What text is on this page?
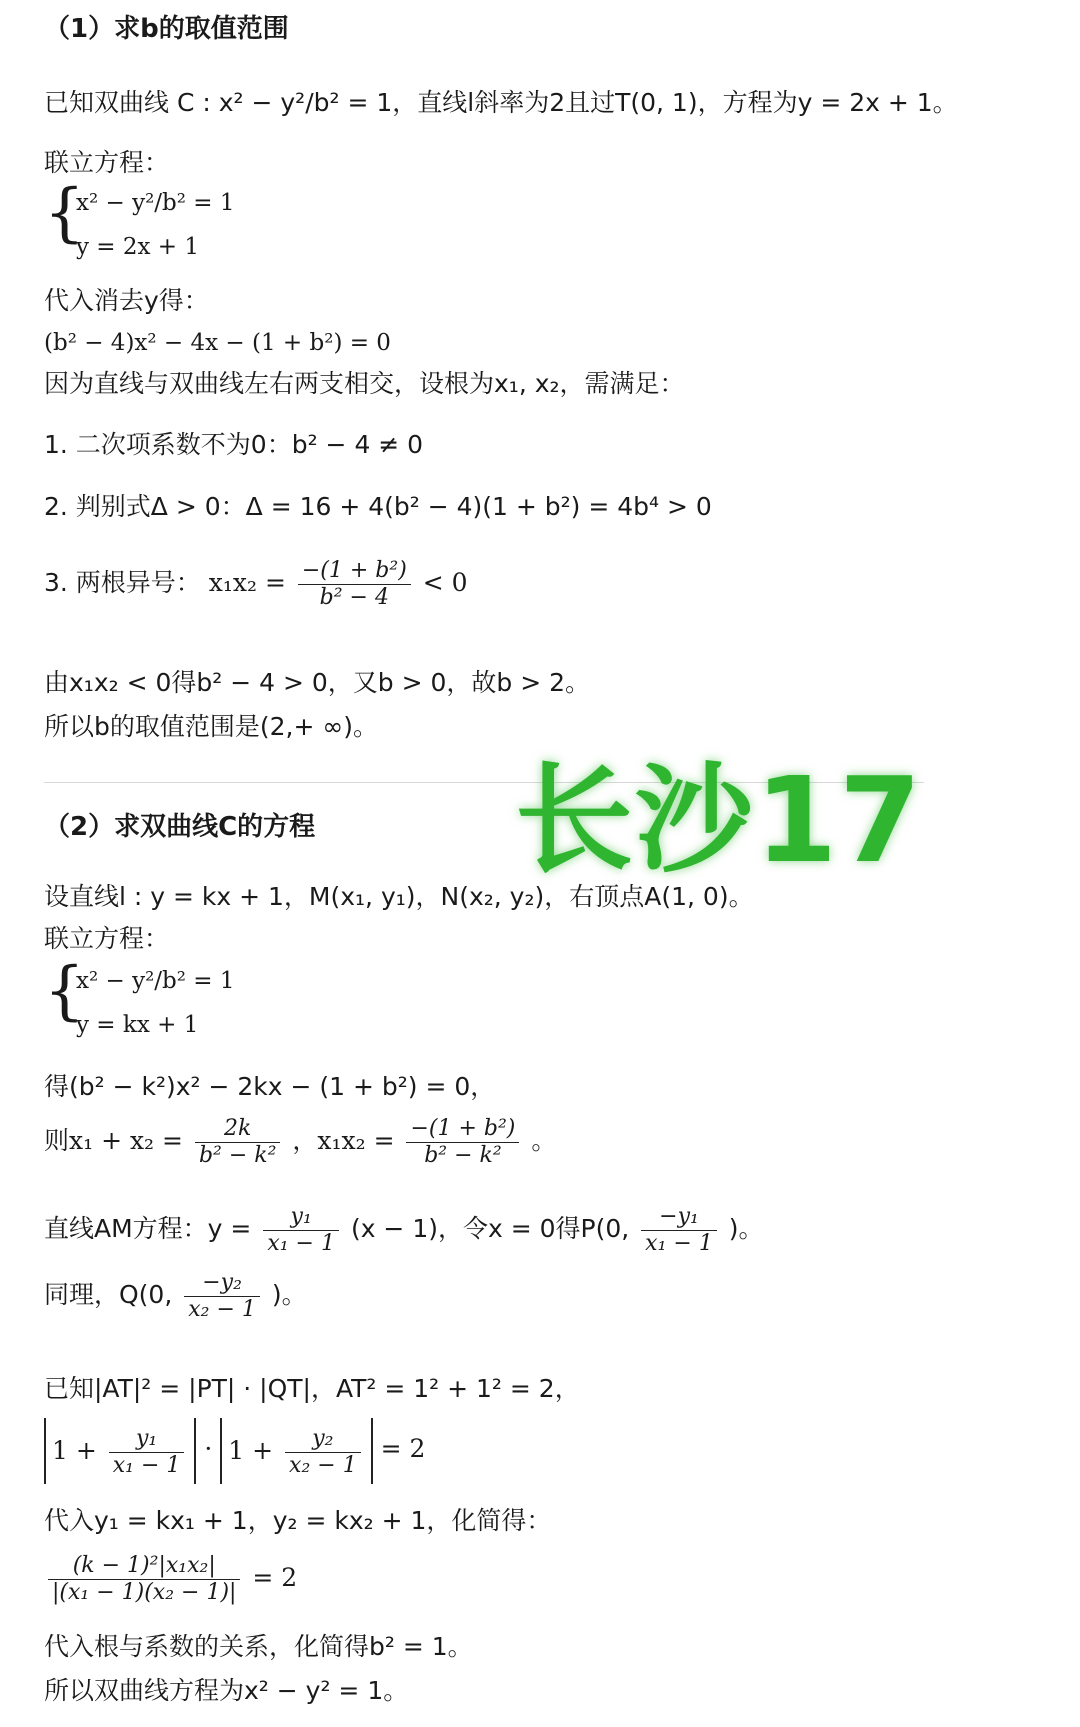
（1）求b的取值范围
已知双曲线 C : x² − y²/b² = 1，直线l斜率为2且过T(0, 1)，方程为y = 2x + 1。
联立方程：
{
x² − y²/b² = 1
y = 2x + 1
代入消去y得：
(b² − 4)x² − 4x − (1 + b²) = 0
因为直线与双曲线左右两支相交，设根为x₁, x₂，需满足：
1. 二次项系数不为0：b² − 4 ≠ 0
2. 判别式Δ > 0：Δ = 16 + 4(b² − 4)(1 + b²) = 4b⁴ > 0
3. 两根异号： $x_1x_2 = \frac{\text{−(1 + b²)}}{\text{b² − 4}} < 0$
由x₁x₂ < 0得b² − 4 > 0，又b > 0，故b > 2。
所以b的取值范围是(2,+ ∞)。
长沙17
（2）求双曲线C的方程
设直线l : y = kx + 1，M(x₁, y₁)，N(x₂, y₂)，右顶点A(1, 0)。
联立方程：
{
x² − y²/b² = 1
y = kx + 1
得(b² − k²)x² − 2kx − (1 + b²) = 0，
则$x_1 + x_2 = \frac{2k}{\text{b² − k²}}$ ，$x_1x_2 = \frac{\text{−(1 + b²)}}{\text{b² − k²}}$ 。
直线AM方程：$y = \frac{\text{y₁}}{\text{x₁ − 1}} (x - 1)$，令x = 0得P(0, $\frac{\text{−y₁}}{\text{x₁ − 1}}$ )。
同理，Q(0, $\frac{\text{−y₂}}{\text{x₂ − 1}}$ )。
已知|AT|² = |PT| · |QT|，AT² = 1² + 1² = 2，
$1 + \frac{\text{y₁}}{\text{x₁ − 1}} \cdot 1 + \frac{\text{y₂}}{\text{x₂ − 1}} = 2$
代入y₁ = kx₁ + 1，y₂ = kx₂ + 1，化简得：
$\frac{\text{(k − 1)²|x₁x₂|}}{\text{|(x₁ − 1)(x₂ − 1)|}} = 2$
代入根与系数的关系，化简得b² = 1。
所以双曲线方程为x² − y² = 1。
